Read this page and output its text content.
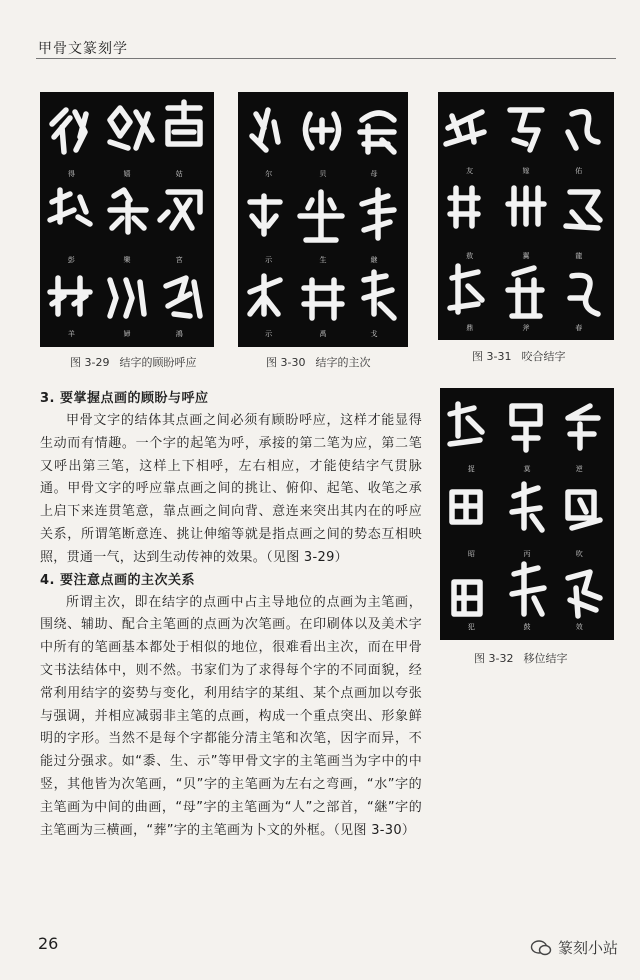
甲骨文篆刻学
得	嬉	姑
彭	樂	宮
羊	婦	鴻
图 3-29 结字的顾盼呼应
尔	贝	母
示	生	継
示	禹	戈
图 3-30 结字的主次
友	嫁	佑
敖	翼	龍
鼎	斧	春
图 3-31 咬合结字
捉	莫	逆
昭	丙	吹
犯	鼓	效
图 3-32 移位结字
3. 要掌握点画的顾盼与呼应

甲骨文字的结体其点画之间必须有顾盼呼应，这样才能显得生动而有情趣。一个字的起笔为呼，承接的第二笔为应，第二笔又呼出第三笔，这样上下相呼，左右相应，才能使结字气贯脉通。甲骨文字的呼应靠点画之间的挑让、俯仰、起笔、收笔之承上启下来连贯笔意，靠点画之间向背、意连来突出其内在的呼应关系，所谓笔断意连、挑让伸缩等就是指点画之间的势态互相映照，贯通一气，达到生动传神的效果。（见图 3-29）

4. 要注意点画的主次关系

所谓主次，即在结字的点画中占主导地位的点画为主笔画，围绕、辅助、配合主笔画的点画为次笔画。在印刷体以及美术字中所有的笔画基本都处于相似的地位，很难看出主次，而在甲骨文书法结体中，则不然。书家们为了求得每个字的不同面貌，经常利用结字的姿势与变化，利用结字的某组、某个点画加以夸张与强调，并相应减弱非主笔的点画，构成一个重点突出、形象鲜明的字形。当然不是每个字都能分清主笔和次笔，因字而异，不能过分强求。如“黍、生、示”等甲骨文字的主笔画当为字中的中竖，其他皆为次笔画，“贝”字的主笔画为左右之弯画，“水”字的主笔画为中间的曲画，“母”字的主笔画为“人”之部首，“継”字的主笔画为三横画，“葬”字的主笔画为卜文的外框。（见图 3-30）

26	篆刻小站
